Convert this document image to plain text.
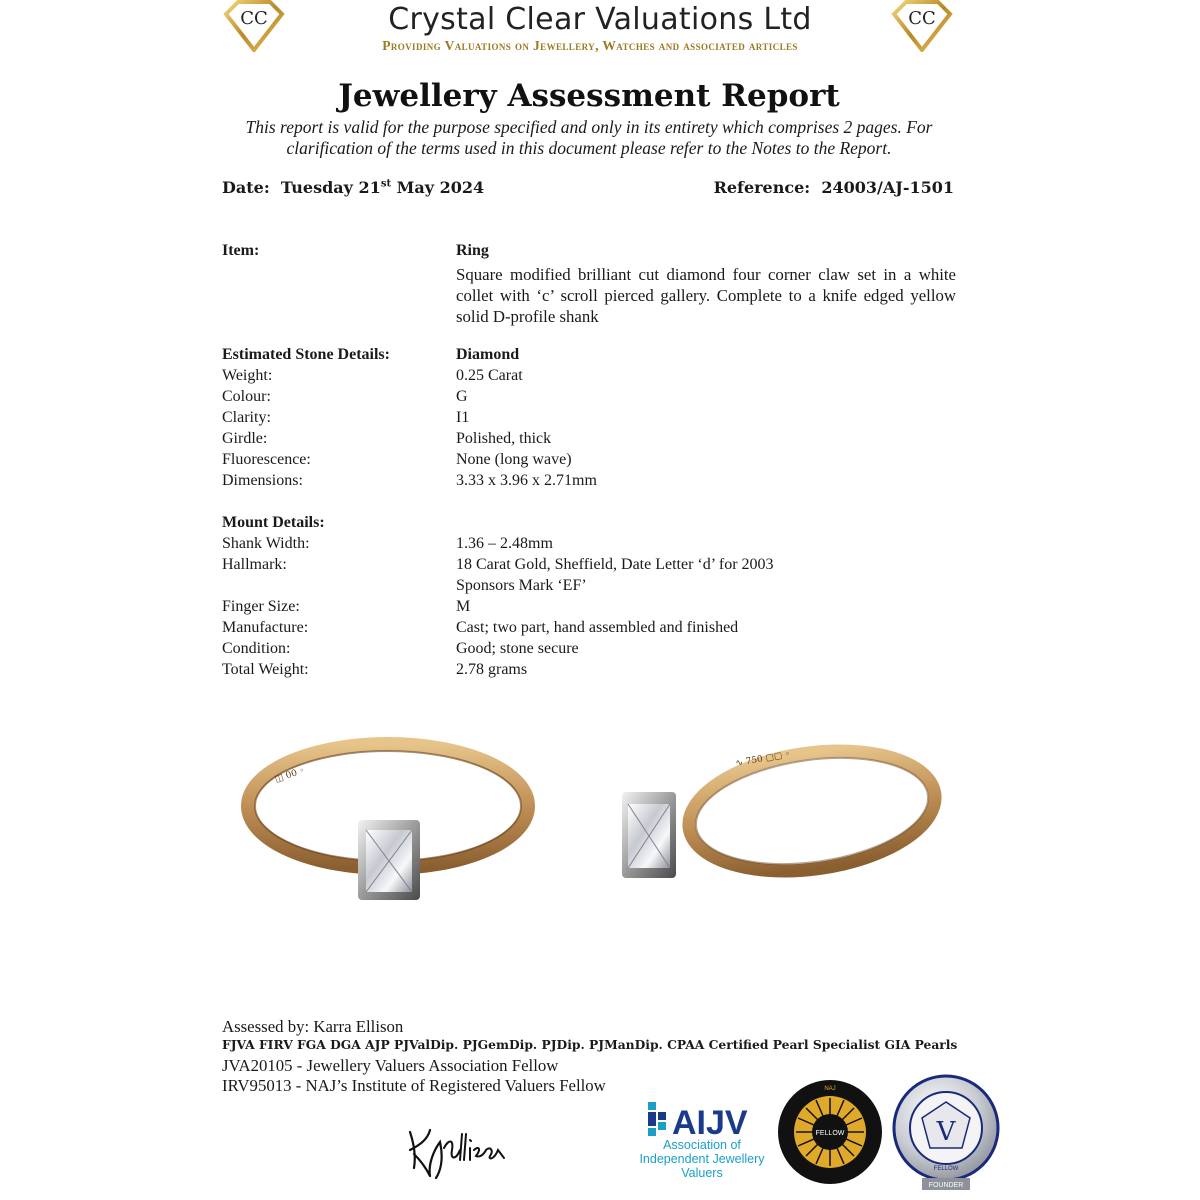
CC	CC
Crystal Clear Valuations Ltd
Providing Valuations on Jewellery, Watches and associated articles
Jewellery Assessment Report
This report is valid for the purpose specified and only in its entirety which comprises 2 pages. For clarification of the terms used in this document please refer to the Notes to the Report.
Date: Tuesday 21st May 2024	Reference: 24003/AJ-1501
Item:	Ring
Square modified brilliant cut diamond four corner claw set in a white collet with ‘c’ scroll pierced gallery. Complete to a knife edged yellow solid D-profile shank
Estimated Stone Details:	Diamond
Weight:	0.25 Carat
Colour:	G
Clarity:	I1
Girdle:	Polished, thick
Fluorescence:	None (long wave)
Dimensions:	3.33 x 3.96 x 2.71mm
Mount Details:
Shank Width:	1.36 – 2.48mm
Hallmark:	18 Carat Gold, Sheffield, Date Letter ‘d’ for 2003
Sponsors Mark ‘EF’
Finger Size:	M
Manufacture:	Cast; two part, hand assembled and finished
Condition:	Good; stone secure
Total Weight:	2.78 grams
◫ 00 ◦
∿ 750 ▢▢ ◦
Assessed by: Karra Ellison
FJVA FIRV FGA DGA AJP PJValDip. PJGemDip. PJDip. PJManDip. CPAA Certified Pearl Specialist GIA Pearls
JVA20105 - Jewellery Valuers Association Fellow
IRV95013 - NAJ’s Institute of Registered Valuers Fellow
AIJV
Association of Independent Jewellery Valuers
FELLOW
NAJ
V
FELLOW
FOUNDER
